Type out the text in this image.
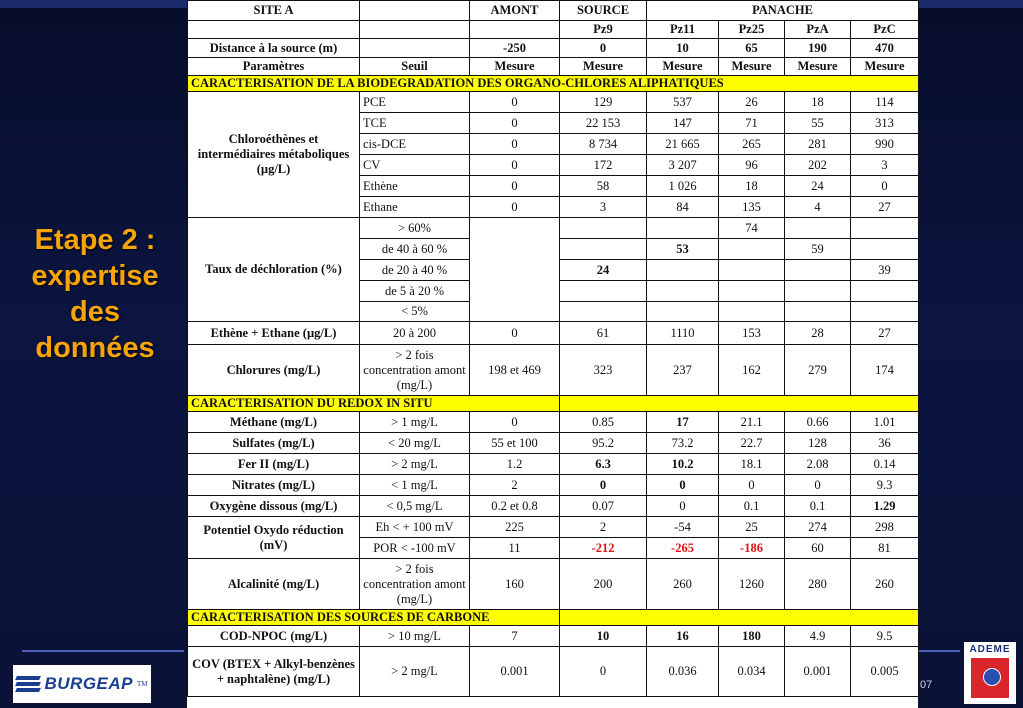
Etape 2 :
expertise
des
données
07
BURGEAP TM
ADEME
SITE A		AMONT	SOURCE	PANACHE			
			Pz9	Pz11	Pz25	PzA	PzC
Distance à la source (m)		-250	0	10	65	190	470
Paramètres	Seuil	Mesure	Mesure	Mesure	Mesure	Mesure	Mesure
CARACTERISATION DE LA BIODEGRADATION DES ORGANO-CHLORES ALIPHATIQUES							
Chloroéthènes et intermédiaires métaboliques (µg/L)	PCE	0	129	537	26	18	114
	TCE	0	22 153	147	71	55	313
	cis-DCE	0	8 734	21 665	265	281	990
	CV	0	172	3 207	96	202	3
	Ethène	0	58	1 026	18	24	0
	Ethane	0	3	84	135	4	27
Taux de déchloration (%)	> 60%				74		
	de 40 à 60 %			53		59	
	de 20 à 40 %		24				39
	de 5 à 20 %						
	< 5%						
Ethène + Ethane (µg/L)	20 à 200	0	61	1110	153	28	27
Chlorures (mg/L)	> 2 fois concentration amont (mg/L)	198 et 469	323	237	162	279	174
CARACTERISATION DU REDOX IN SITU							
Méthane (mg/L)	> 1 mg/L	0	0.85	17	21.1	0.66	1.01
Sulfates (mg/L)	< 20 mg/L	55 et 100	95.2	73.2	22.7	128	36
Fer II (mg/L)	> 2 mg/L	1.2	6.3	10.2	18.1	2.08	0.14
Nitrates (mg/L)	< 1 mg/L	2	0	0	0	0	9.3
Oxygène dissous (mg/L)	< 0,5 mg/L	0.2 et 0.8	0.07	0	0.1	0.1	1.29
Potentiel Oxydo réduction (mV)	Eh < + 100 mV	225	2	-54	25	274	298
	POR < -100 mV	11	-212	-265	-186	60	81
Alcalinité (mg/L)	> 2 fois concentration amont (mg/L)	160	200	260	1260	280	260
CARACTERISATION DES SOURCES DE CARBONE							
COD-NPOC (mg/L)	> 10 mg/L	7	10	16	180	4.9	9.5
COV (BTEX + Alkyl-benzènes + naphtalène) (mg/L)	> 2 mg/L	0.001	0	0.036	0.034	0.001	0.005
